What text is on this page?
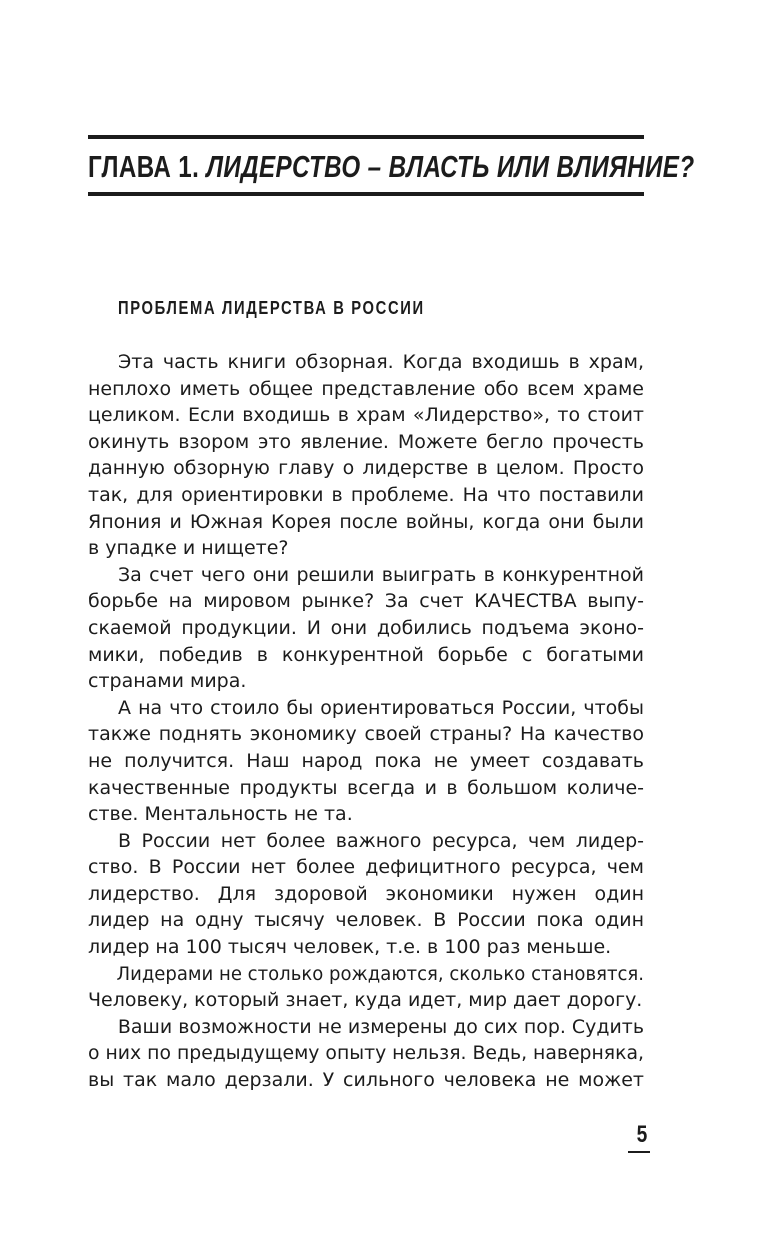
ГЛАВА 1. ЛИДЕРСТВО – ВЛАСТЬ ИЛИ ВЛИЯНИЕ?
ПРОБЛЕМА ЛИДЕРСТВА В РОССИИ
Эта часть книги обзорная. Когда входишь в храм,
неплохо иметь общее представление обо всем храме
целиком. Если входишь в храм «Лидерство», то стоит
окинуть взором это явление. Можете бегло прочесть
данную обзорную главу о лидерстве в целом. Просто
так, для ориентировки в проблеме. На что поставили
Япония и Южная Корея после войны, когда они были
в упадке и нищете?
За счет чего они решили выиграть в конкурентной
борьбе на мировом рынке? За счет КАЧЕСТВА выпу-
скаемой продукции. И они добились подъема эконо-
мики, победив в конкурентной борьбе с богатыми
странами мира.
А на что стоило бы ориентироваться России, чтобы
также поднять экономику своей страны? На качество
не получится. Наш народ пока не умеет создавать
качественные продукты всегда и в большом количе-
стве. Ментальность не та.
В России нет более важного ресурса, чем лидер-
ство. В России нет более дефицитного ресурса, чем
лидерство. Для здоровой экономики нужен один
лидер на одну тысячу человек. В России пока один
лидер на 100 тысяч человек, т.е. в 100 раз меньше.
Лидерами не столько рождаются, сколько становятся.
Человеку, который знает, куда идет, мир дает дорогу.
Ваши возможности не измерены до сих пор. Судить
о них по предыдущему опыту нельзя. Ведь, наверняка,
вы так мало дерзали. У сильного человека не может
5
